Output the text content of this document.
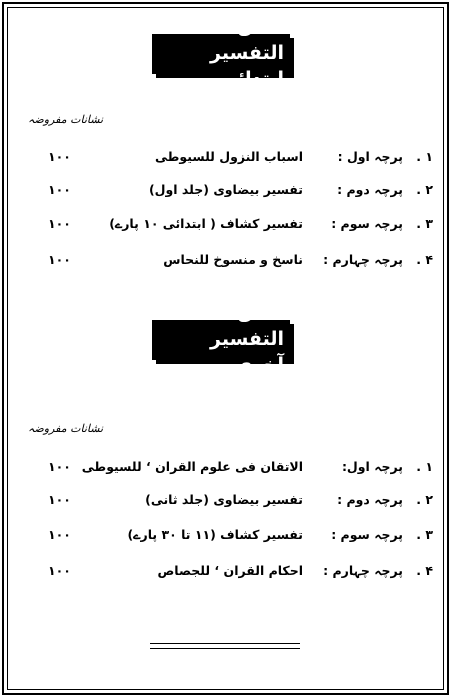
کامل التفسیر ابتدائی
نشانات مفروضہ
۱ .
پرچہ اول :
اسباب النزول للسیوطی
۱۰۰
۲ .
پرچہ دوم :
تفسیر بیضاوی (جلد اول)
۱۰۰
۳ .
پرچہ سوم :
تفسیر کشاف ( ابتدائی ۱۰ پارے)
۱۰۰
۴ .
پرچہ چہارم :
ناسخ و منسوخ للنحاس
۱۰۰
کامل التفسیر آخری
نشانات مفروضہ
۱ .
پرچہ اول:
الاتقان فی علوم القران ‘ للسیوطی
۱۰۰
۲ .
پرچہ دوم :
تفسیر بیضاوی (جلد ثانی)
۱۰۰
۳ .
پرچہ سوم :
تفسیر کشاف (۱۱ تا ۳۰ پارے)
۱۰۰
۴ .
پرچہ چہارم :
احکام القران ‘ للجصاص
۱۰۰
